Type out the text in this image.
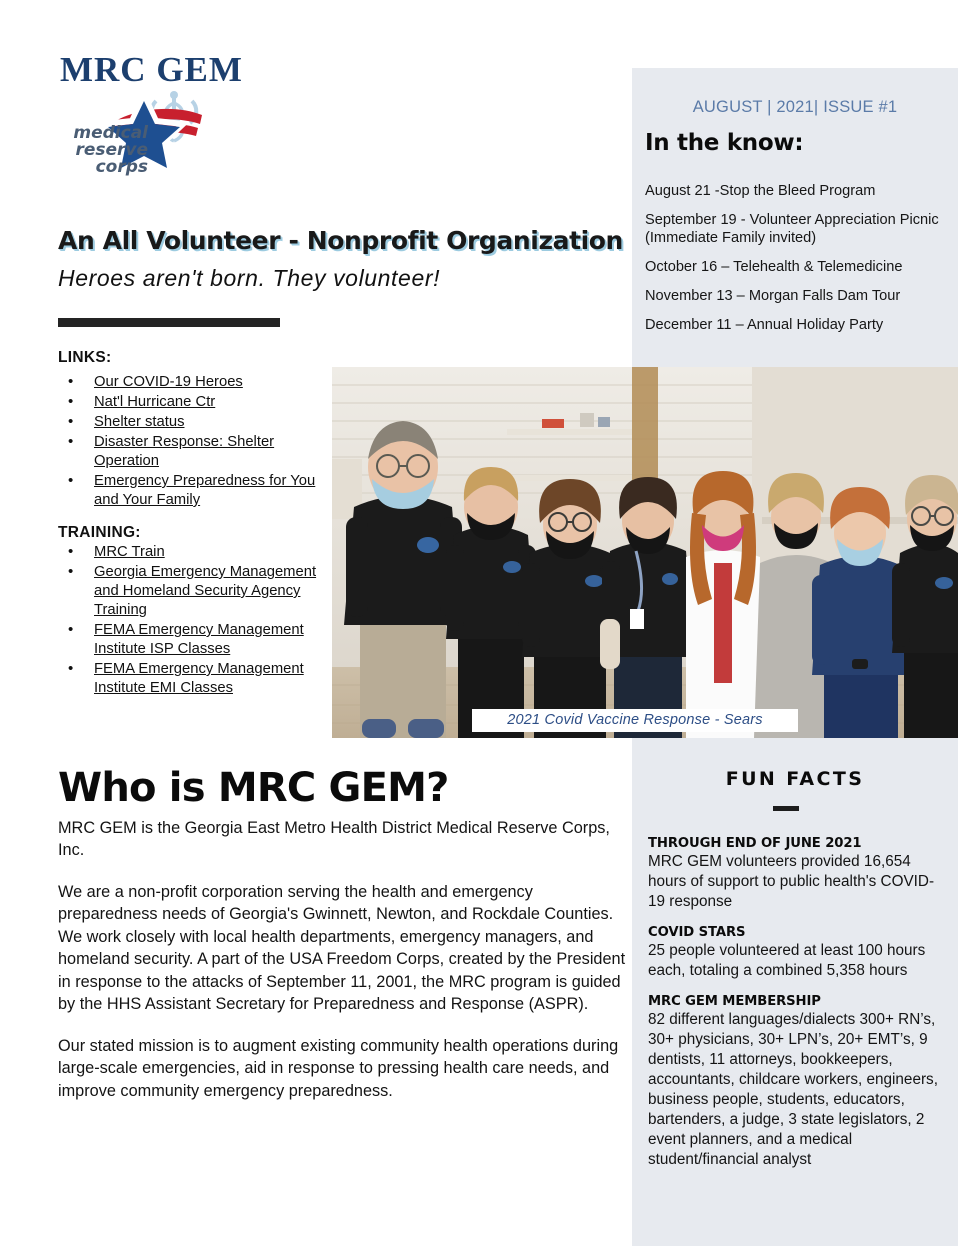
MRC GEM
medical
reserve
corps
An All Volunteer - Nonprofit Organization
Heroes aren't born. They volunteer!
LINKS:
• Our COVID-19 Heroes
• Nat'l Hurricane Ctr
• Shelter status
• Disaster Response: Shelter Operation
• Emergency Preparedness for You and Your Family
TRAINING:
• MRC Train
• Georgia Emergency Management and Homeland Security Agency Training
• FEMA Emergency Management Institute ISP Classes
• FEMA Emergency Management Institute EMI Classes
2021 Covid Vaccine Response - Sears
AUGUST | 2021| ISSUE #1
In the know:
August 21 -Stop the Bleed Program
September 19 - Volunteer Appreciation Picnic (Immediate Family invited)
October 16 – Telehealth & Telemedicine
November 13 – Morgan Falls Dam Tour
December 11 – Annual Holiday Party
Who is MRC GEM?

MRC GEM is the Georgia East Metro Health District Medical Reserve Corps, Inc.

We are a non-profit corporation serving the health and emergency preparedness needs of Georgia's Gwinnett, Newton, and Rockdale Counties. We work closely with local health departments, emergency managers, and homeland security. A part of the USA Freedom Corps, created by the President in response to the attacks of September 11, 2001, the MRC program is guided by the HHS Assistant Secretary for Preparedness and Response (ASPR).

Our stated mission is to augment existing community health operations during large-scale emergencies, aid in response to pressing health care needs, and improve community emergency preparedness.

FUN FACTS
THROUGH END OF JUNE 2021
MRC GEM volunteers provided 16,654 hours of support to public health's COVID-19 response
COVID STARS
25 people volunteered at least 100 hours each, totaling a combined 5,358 hours
MRC GEM MEMBERSHIP
82 different languages/dialects 300+ RN’s, 30+ physicians, 30+ LPN’s, 20+ EMT’s, 9 dentists, 11 attorneys, bookkeepers, accountants, childcare workers, engineers, business people, students, educators, bartenders, a judge, 3 state legislators, 2 event planners, and a medical student/financial analyst
